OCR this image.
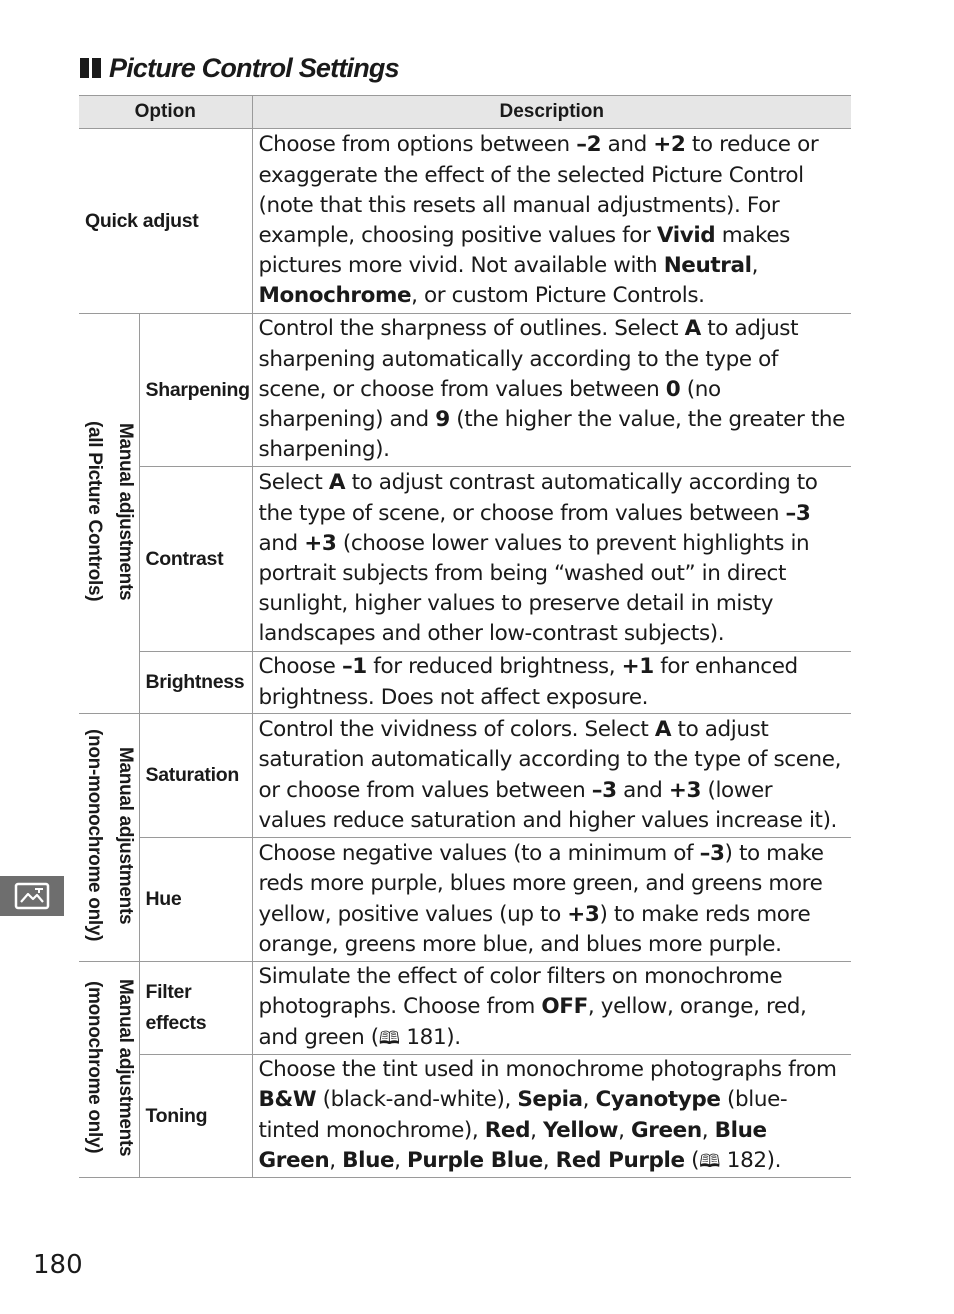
Picture Control Settings
Option		Description
Quick adjust		Choose from options between –2 and +2 to reduce or exaggerate the effect of the selected Picture Control (note that this resets all manual adjustments). For example, choosing positive values for Vivid makes pictures more vivid. Not available with Neutral, Monochrome, or custom Picture Controls.

Manual adjustments
(all Picture Controls)	Sharpening	Control the sharpness of outlines. Select A to adjust sharpening automatically according to the type of scene, or choose from values between 0 (no sharpening) and 9 (the higher the value, the greater the sharpening).
	Contrast	Select A to adjust contrast automatically according to the type of scene, or choose from values between –3 and +3 (choose lower values to prevent highlights in portrait subjects from being “washed out” in direct sunlight, higher values to preserve detail in misty landscapes and other low-contrast subjects).
	Brightness	Choose –1 for reduced brightness, +1 for enhanced brightness. Does not affect exposure.

Manual adjustments
(non-monochrome only)	Saturation	Control the vividness of colors. Select A to adjust saturation automatically according to the type of scene, or choose from values between –3 and +3 (lower values reduce saturation and higher values increase it).
	Hue	Choose negative values (to a minimum of –3) to make reds more purple, blues more green, and greens more yellow, positive values (up to +3) to make reds more orange, greens more blue, and blues more purple.

Manual adjustments
(monochrome only)	Filter effects	Simulate the effect of color filters on monochrome photographs. Choose from OFF, yellow, orange, red, and green (🕮 181).
	Toning	Choose the tint used in monochrome photographs from B&W (black-and-white), Sepia, Cyanotype (blue-tinted monochrome), Red, Yellow, Green, Blue Green, Blue, Purple Blue, Red Purple (🕮 182).
180
